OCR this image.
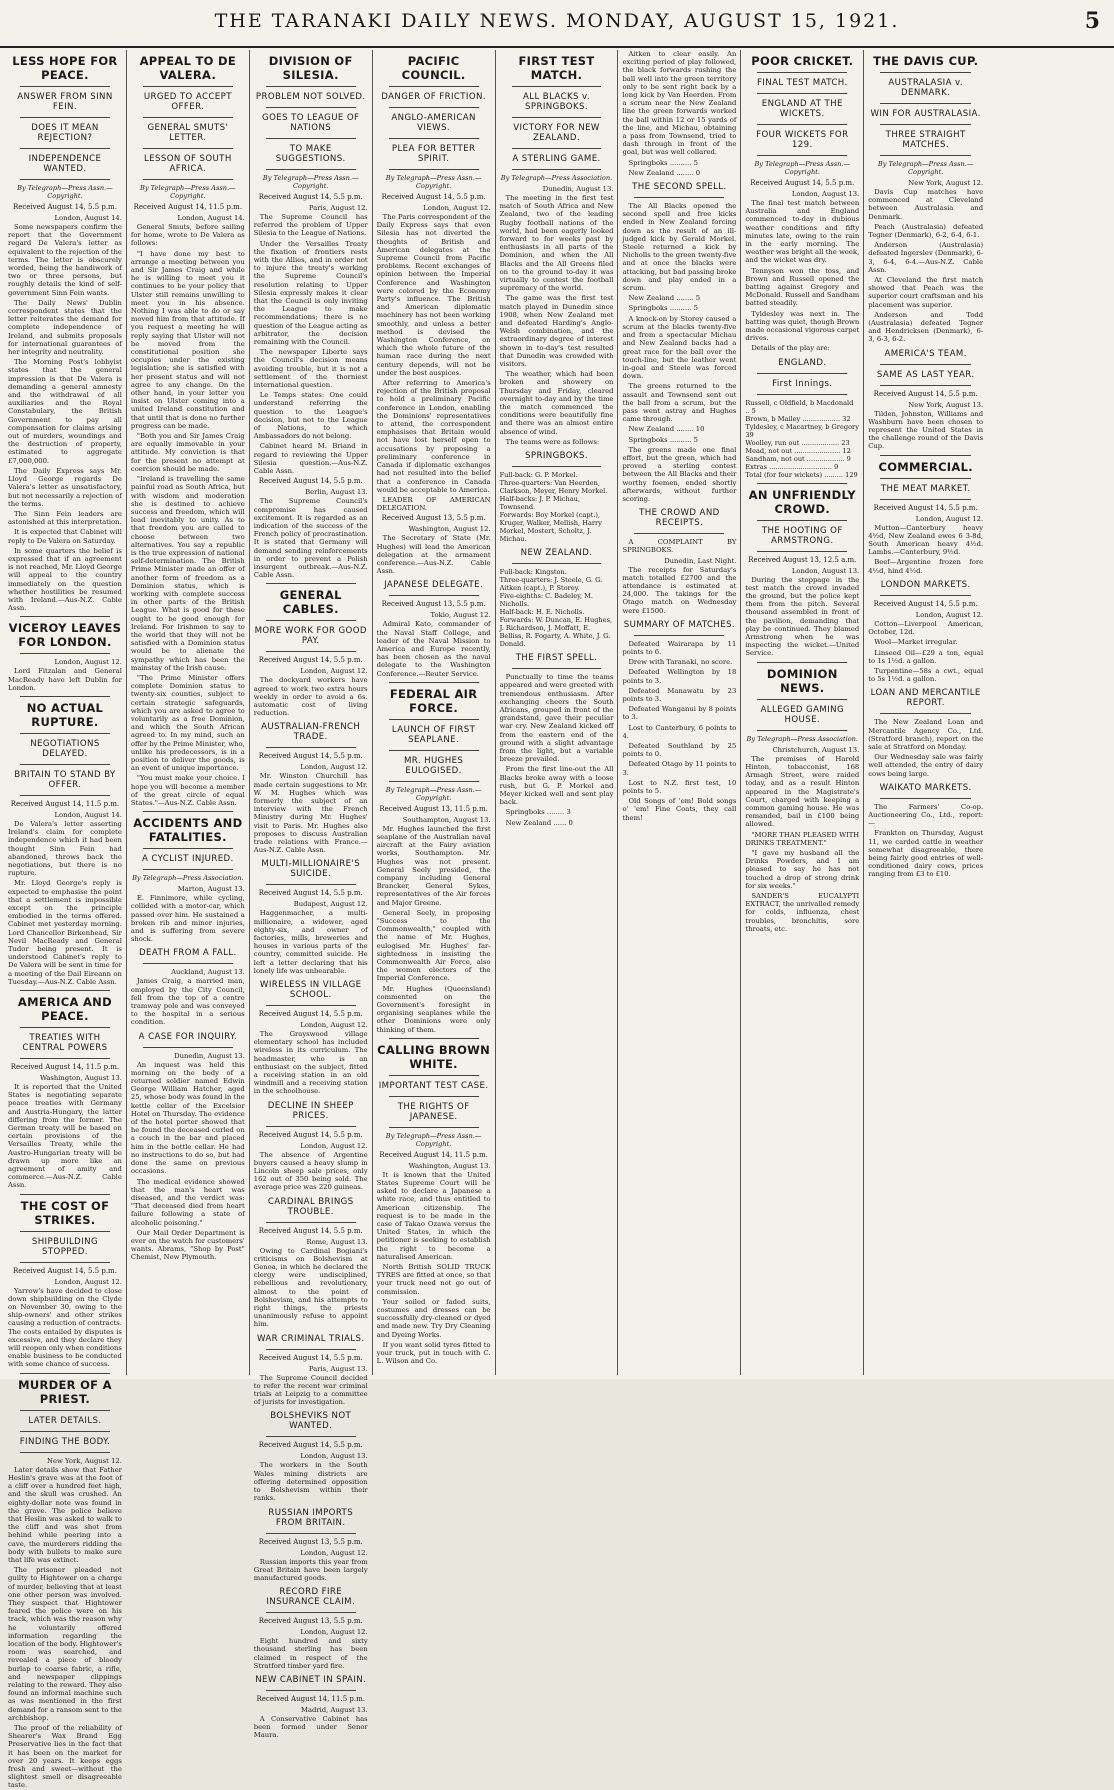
THE TARANAKI DAILY NEWS. MONDAY, AUGUST 15, 1921.	5
LESS HOPE FOR PEACE.
ANSWER FROM SINN FEIN.
DOES IT MEAN REJECTION?
INDEPENDENCE WANTED.
By Telegraph—Press Assn.—Copyright.
Received August 14, 5.5 p.m.
London, August 14.

Some newspapers confirm the report that the Government regard De Valera's letter as equivalent to the rejection of the terms. The letter is obscurely worded, being the handiwork of two or three persons, but roughly details the kind of self-government Sinn Fein wants.

The Daily News' Dublin correspondent states that the letter reiterates the demand for complete independence of Ireland, and submits proposals for international guarantees of her integrity and neutrality.

The Morning Post's lobbyist states that the general impression is that De Valera is demanding a general amnesty and the withdrawal of all auxiliaries and the Royal Constabulary, the British Government to pay all compensation for claims arising out of murders, woundings and the destruction of property, estimated to aggregate £7,000,000.

The Daily Express says Mr. Lloyd George regards De Valera's letter as unsatisfactory, but not necessarily a rejection of the terms.

The Sinn Fein leaders are astonished at this interpretation.

It is expected that Cabinet will reply to De Valera on Saturday.

In some quarters the belief is expressed that if an agreement is not reached, Mr. Lloyd George will appeal to the country immediately on the question whether hostilities be resumed with Ireland.—Aus-N.Z. Cable Assn.

VICEROY LEAVES FOR LONDON.
London, August 12.

Lord Fitzalan and General MacReady have left Dublin for London.

NO ACTUAL RUPTURE.
NEGOTIATIONS DELAYED.
BRITAIN TO STAND BY OFFER.
Received August 14, 11.5 p.m.
London, August 14.

De Valera's letter asserting Ireland's claim for complete independence which it had been thought Sinn Fein had abandoned, throws back the negotiations, but there is no rupture.

Mr. Lloyd George's reply is expected to emphasise the point that a settlement is impossible except on the principle embodied in the terms offered. Cabinet met yesterday morning. Lord Chancellor Birkenhead, Sir Nevil MacReady and General Tudor being present. It is understood Cabinet's reply to De Valera will be sent in time for a meeting of the Dail Eireann on Tuesday.—Aus-N.Z. Cable Assn.

AMERICA AND PEACE.
TREATIES WITH CENTRAL POWERS
Received August 14, 11.5 p.m.
Washington, August 13.

It is reported that the United States is negotiating separate peace treaties with Germany and Austria-Hungary, the latter differing from the former. The German treaty will be based on certain provisions of the Versailles Treaty, while the Austro-Hungarian treaty will be drawn up more like an agreement of amity and commerce.—Aus-N.Z. Cable Assn.

THE COST OF STRIKES.
SHIPBUILDING STOPPED.
Received August 14, 5.5 p.m.
London, August 12.

Yarrow's have decided to close down shipbuilding on the Clyde on November 30, owing to the ship-owners' and other strikes causing a reduction of contracts. The costs entailed by disputes is excessive, and they declare they will reopen only when conditions enable business to be conducted with some chance of success.

MURDER OF A PRIEST.
LATER DETAILS.
FINDING THE BODY.
New York, August 12.

Later details show that Father Heslin's grave was at the foot of a cliff over a hundred feet high, and the skull was crushed. An eighty-dollar note was found in the grave. The police believe that Heslin was asked to walk to the cliff and was shot from behind while peering into a cave, the murderers ridding the body with bullets to make sure that life was extinct.

The prisoner pleaded not guilty to Hightower on a charge of murder, believing that at least one other person was involved. They suspect that Hightower feared the police were on his track, which was the reason why he voluntarily offered information regarding the location of the body. Hightower's room was searched, and revealed a piece of bloody burlap to coarse fabric, a rifle, and newspaper clippings relating to the reward. They also found an informal machine such as was mentioned in the first demand for a ransom sent to the archbishop.

The proof of the reliability of Shearer's Wax Brand Egg Preservative lies in the fact that it has been on the market for over 20 years. It keeps eggs fresh and sweet—without the slightest smell or disagreeable taste.

APPEAL TO DE VALERA.
URGED TO ACCEPT OFFER.
GENERAL SMUTS' LETTER.
LESSON OF SOUTH AFRICA.
By Telegraph—Press Assn.—Copyright.
Received August 14, 11.5 p.m.
London, August 14.

General Smuts, before sailing for home, wrote to De Valera as follows:

"I have done my best to arrange a meeting between you and Sir James Craig and while he is willing to meet you it continues to be your policy that Ulster still remains unwilling to meet you in his absence. Nothing I was able to do or say moved him from that attitude. If you request a meeting he will reply saying that Ulster will not be moved from the constitutional position she occupies under the existing legislation; she is satisfied with her present status and will not agree to any change. On the other hand, in your letter you insist on Ulster coming into a united Ireland constitution and that until that is done no further progress can be made.

"Both you and Sir James Craig are equally immovable in your attitude. My conviction is that for the present no attempt at coercion should be made.

"Ireland is travelling the same painful road as South Africa, but with wisdom and moderation she is destined to achieve success and freedom, which will lead inevitably to unity. As to that freedom you are called to choose between two alternatives. You say a republic is the true expression of national self-determination. The British Prime Minister made an offer of another form of freedom as a Dominion status, which is working with complete success in other parts of the British League. What is good for these ought to be good enough for Ireland. For Irishmen to say to the world that they will not be satisfied with a Dominion status would be to alienate the sympathy which has been the mainstay of the Irish cause.

"The Prime Minister offers complete Dominion status to twenty-six counties, subject to certain strategic safeguards, which you are asked to agree to voluntarily as a free Dominion, and which the South African agreed to. In my mind, such an offer by the Prime Minister, who, unlike his predecessors, is in a position to deliver the goods, is an event of unique importance.

"You must make your choice. I hope you will become a member of the great circle of equal States."—Aus-N.Z. Cable Assn.

ACCIDENTS AND FATALITIES.
A CYCLIST INJURED.
By Telegraph—Press Association.
Marton, August 13.

E. Finnimore, while cycling, collided with a motor-car, which passed over him. He sustained a broken rib and minor injuries, and is suffering from severe shock.

DEATH FROM A FALL.
Auckland, August 13.

James Craig, a married man, employed by the City Council, fell from the top of a centre tramway pole and was conveyed to the hospital in a serious condition.

A CASE FOR INQUIRY.
Dunedin, August 13.

An inquest was held this morning on the body of a returned soldier named Edwin George William Hatcher, aged 25, whose body was found in the kettle cellar of the Excelsior Hotel on Thursday. The evidence of the hotel porter showed that he found the deceased curled on a couch in the bar and placed him in the bottle cellar. He had no instructions to do so, but had done the same on previous occasions.

The medical evidence showed that the man's heart was diseased, and the verdict was: "That deceased died from heart failure following a state of alcoholic poisoning."

Our Mail Order Department is ever on the watch for customers' wants. Abrams, "Shop by Post" Chemist, New Plymouth.

DIVISION OF SILESIA.
PROBLEM NOT SOLVED.
GOES TO LEAGUE OF NATIONS
TO MAKE SUGGESTIONS.
By Telegraph—Press Assn.—Copyright.
Received August 14, 5.5 p.m.
Paris, August 12.

The Supreme Council has referred the problem of Upper Silesia to the League of Nations.

Under the Versailles Treaty the fixation of frontiers rests with the Allies, and in order not to injure the treaty's working the Supreme Council's resolution relating to Upper Silesia expressly makes it clear that the Council is only inviting the League to make recommendations; there is no question of the League acting as arbitrator, the decision remaining with the Council.

The newspaper Liberte says the Council's decision means avoiding trouble, but it is not a settlement of the thorniest international question.

Le Temps states: One could understand referring the question to the League's decision, but not to the League of Nations, to which Ambassadors do not belong.

Cabinet heard M. Briand in regard to reviewing the Upper Silesia question.—Aus-N.Z. Cable Assn.

Received August 14, 5.5 p.m.
Berlin, August 13.

The Supreme Council's compromise has caused excitement. It is regarded as an indication of the success of the French policy of procrastination. It is stated that Germany will demand sending reinforcements in order to prevent a Polish insurgent outbreak.—Aus-N.Z. Cable Assn.

GENERAL CABLES.
MORE WORK FOR GOOD PAY.
Received August 14, 5.5 p.m.
London, August 12.

The dockyard workers have agreed to work two extra hours weekly in order to avoid a 6s. automatic cost of living reduction.

AUSTRALIAN-FRENCH TRADE.
Received August 14, 5.5 p.m.
London, August 12.

Mr. Winston Churchill has made certain suggestions to Mr. W. M. Hughes which was formerly the subject of an interview with the French Ministry during Mr. Hughes' visit to Paris. Mr. Hughes also proposes to discuss Australian trade relations with France.—Aus-N.Z. Cable Assn.

MULTI-MILLIONAIRE'S SUICIDE.
Received August 14, 5.5 p.m.
Budapest, August 12.

Haggenmacher, a multi-millionaire, a widower, aged eighty-six, and owner of factories, mills, breweries and houses in various parts of the country, committed suicide. He left a letter declaring that his lonely life was unbearable.

WIRELESS IN VILLAGE SCHOOL.
Received August 14, 5.5 p.m.
London, August 12.

The Grayswood village elementary school has included wireless in its curriculum. The headmaster, who is an enthusiast on the subject, fitted a receiving station in an old windmill and a receiving station in the schoolhouse.

DECLINE IN SHEEP PRICES.
Received August 14, 5.5 p.m.
London, August 12.

The absence of Argentine buyers caused a heavy slump in Lincoln sheep sale prices, only 162 out of 350 being sold. The average price was 220 guineas.

CARDINAL BRINGS TROUBLE.
Received August 14, 5.5 p.m.
Rome, August 13.

Owing to Cardinal Bogiani's criticisms on Bolshevism at Genoa, in which he declared the clergy were undisciplined, rebellious and revolutionary, almost to the point of Bolshevism, and his attempts to right things, the priests unanimously refuse to appoint him.

WAR CRIMINAL TRIALS.
Received August 14, 5.5 p.m.
Paris, August 13.

The Supreme Council decided to refer the recent war criminal trials at Leipzig to a committee of jurists for investigation.

BOLSHEVIKS NOT WANTED.
Received August 14, 5.5 p.m.
London, August 13.

The workers in the South Wales mining districts are offering determined opposition to Bolshevism within their ranks.

RUSSIAN IMPORTS FROM BRITAIN.
Received August 13, 5.5 p.m.
London, August 12.

Russian imports this year from Great Britain have been largely manufactured goods.

RECORD FIRE INSURANCE CLAIM.
Received August 13, 5.5 p.m.
London, August 12.

Eight hundred and sixty thousand sterling has been claimed in respect of the Stratford timber yard fire.

NEW CABINET IN SPAIN.
Received August 14, 11.5 p.m.
Madrid, August 13.

A Conservative Cabinet has been formed under Senor Maura.

PACIFIC COUNCIL.
DANGER OF FRICTION.
ANGLO-AMERICAN VIEWS.
PLEA FOR BETTER SPIRIT.
By Telegraph—Press Assn.—Copyright.
Received August 14, 5.5 p.m.
London, August 12.

The Paris correspondent of the Daily Express says that even Silesia has not diverted the thoughts of British and American delegates at the Supreme Council from Pacific problems. Recent exchanges of opinion between the Imperial Conference and Washington were colored by the Economy Party's influence. The British and American diplomatic machinery has not been working smoothly, and unless a better method is devised the Washington Conference, on which the whole future of the human race during the next century depends, will not be under the best auspices.

After referring to America's rejection of the British proposal to hold a preliminary Pacific conference in London, enabling the Dominions' representatives to attend, the correspondent emphasises that Britain would not have lost herself open to accusations by proposing a preliminary conference in Canada if diplomatic exchanges had not resulted into the belief that a conference in Canada would be acceptable to America.

LEADER OF AMERICAN DELEGATION.

Received August 13, 5.5 p.m.
Washington, August 12.

The Secretary of State (Mr. Hughes) will lead the American delegation at the armament conference.—Aus-N.Z. Cable Assn.

JAPANESE DELEGATE.
Received August 13, 5.5 p.m.
Tokio, August 12.

Admiral Kato, commander of the Naval Staff College, and leader of the Naval Mission to America and Europe recently, has been chosen as the naval delegate to the Washington Conference.—Reuter Service.

FEDERAL AIR FORCE.
LAUNCH OF FIRST SEAPLANE.
MR. HUGHES EULOGISED.
By Telegraph—Press Assn.—Copyright.
Received August 13, 11.5 p.m.
Southampton, August 13.

Mr. Hughes launched the first seaplane of the Australian naval aircraft at the Fairy aviation works, Southampton. Mr. Hughes was not present. General Seely presided, the company including General Brancker, General Sykes, representatives of the Air forces and Major Greene.

General Seely, in proposing "Success to the Commonwealth," coupled with the name of Mr. Hughes, eulogised Mr. Hughes' far-sightedness in insisting the Commonwealth Air Force, also the women electors of the Imperial Conference.

Mr. Hughes (Queensland) commented on the Government's foresight in organising seaplanes while the other Dominions were only thinking of them.

CALLING BROWN WHITE.
IMPORTANT TEST CASE.
THE RIGHTS OF JAPANESE.
By Telegraph—Press Assn.—Copyright.
Received August 14, 11.5 p.m.
Washington, August 13.

It is known that the United States Supreme Court will be asked to declare a Japanese a white race, and thus entitled to American citizenship. The request is to be made in the case of Takao Ozawa versus the United States, in which the petitioner is seeking to establish the right to become a naturalised American.

North British SOLID TRUCK TYRES are fitted at once, so that your truck need not go out of commission.

Your soiled or faded suits, costumes and dresses can be successfully dry-cleaned or dyed and made new. Try Dry Cleaning and Dyeing Works.

If you want solid tyres fitted to your truck, put in touch with C. L. Wilson and Co.

FIRST TEST MATCH.
ALL BLACKS v. SPRINGBOKS.
VICTORY FOR NEW ZEALAND.
A STERLING GAME.
By Telegraph—Press Association.
Dunedin, August 13.

The meeting in the first test match of South Africa and New Zealand, two of the leading Rugby football nations of the world, had been eagerly looked forward to for weeks past by enthusiasts in all parts of the Dominion, and when the All Blacks and the All Greens filed on to the ground to-day it was virtually to contest the football supremacy of the world.

The game was the first test match played in Dunedin since 1908, when New Zealand met and defeated Harding's Anglo-Welsh combination, and the extraordinary degree of interest shown in to-day's test resulted that Dunedin was crowded with visitors.

The weather, which had been broken and showery on Thursday and Friday, cleared overnight to-day and by the time the match commenced the conditions were beautifully fine and there was an almost entire absence of wind.

The teams were as follows:

SPRINGBOKS.
Full-back: G. P. Morkel.
Three-quarters: Van Heerden, Clarkson, Meyer, Henry Morkel.
Half-backs: J. P. Michau, Townsend.
Forwards: Boy Morkel (capt.), Kruger, Walker, Mellish, Harry Morkel, Mostert, Scholtz, J. Michau.
NEW ZEALAND.
Full-back: Kingston.
Three-quarters: J. Steele, G. G. Aitken (capt.), P. Storey.
Five-eighths: C. Badeley, M. Nicholls.
Half-back: H. E. Nicholls.
Forwards: W. Duncan, E. Hughes, J. Richardson, J. Moffatt, E. Belliss, R. Fogarty, A. White, J. G. Donald.
THE FIRST SPELL.

Punctually to time the teams appeared and were greeted with tremendous enthusiasm. After exchanging cheers the South Africans, grouped in front of the grandstand, gave their peculiar war cry. New Zealand kicked off from the eastern end of the ground with a slight advantage from the light, but a variable breeze prevailed.

From the first line-out the All Blacks broke away with a loose rush, but G. P. Morkel and Meyer kicked well and sent play back.

Springboks ........ 3

New Zealand ...... 0

Aitken to clear easily. An exciting period of play followed, the black forwards rushing the ball well into the green territory only to be sent right back by a long kick by Van Heerden. From a scrum near the New Zealand line the green forwards worked the ball within 12 or 15 yards of the line, and Michau, obtaining a pass from Townsend, tried to dash through in front of the goal, but was well collared.

Springboks .......... 5

New Zealand ........ 0

THE SECOND SPELL.

The All Blacks opened the second spell and free kicks ended in New Zealand forcing down as the result of an ill-judged kick by Gerald Morkel. Steele returned a kick by Nicholls to the green twenty-five and at once the blacks were attacking, but bad passing broke down and play ended in a scrum.

New Zealand ........ 5

Springboks .......... 5

A knock-on by Storey caused a scrum at the blacks twenty-five and from a spectacular Michau and New Zealand backs had a great race for the ball over the touch-line, but the leather went in-goal and Steele was forced down.

The greens returned to the assault and Townsend sent out the ball from a scrum, but the pass went astray and Hughes came through.

New Zealand ........ 10

Springboks .......... 5

The greens made one final effort, but the green, which had proved a sterling contest between the All Blacks and their worthy foemen, ended shortly afterwards, without further scoring.

THE CROWD AND RECEIPTS.

A COMPLAINT BY SPRINGBOKS.

Dunedin, Last Night.

The receipts for Saturday's match totalled £2700 and the attendance is estimated at 24,000. The takings for the Otago match on Wednesday were £1500.

SUMMARY OF MATCHES.

Defeated Wairarapa by 11 points to 6.

Drew with Taranaki, no score.

Defeated Wellington by 18 points to 3.

Defeated Manawatu by 23 points to 3.

Defeated Wanganui by 8 points to 3.

Lost to Canterbury, 6 points to 4.

Defeated Southland by 25 points to 0.

Defeated Otago by 11 points to 3.

Lost to N.Z. first test, 10 points to 5.

Old Songs of 'em! Bold songs o' 'em! Fine Coats, they call them!

POOR CRICKET.
FINAL TEST MATCH.
ENGLAND AT THE WICKETS.
FOUR WICKETS FOR 129.
By Telegraph—Press Assn.—Copyright.
Received August 14, 5.5 p.m.
London, August 13.

The final test match between Australia and England commenced to-day in dubious weather conditions and fifty minutes late, owing to the rain in the early morning. The weather was bright all the week, and the wicket was dry.

Tennyson won the toss, and Brown and Russell opened the batting against Gregory and McDonald. Russell and Sandham batted steadily.

Tyldesley was next in. The batting was quiet, though Brown made occasional vigorous carpet drives.

Details of the play are:

ENGLAND.
First Innings.
Russell, c Oldfield, b Macdonald .. 5
Brown, b Mailey .................. 32
Tyldesley, c Macartney, b Gregory 39
Woolley, run out .................. 23
Mead, not out ...................... 12
Sandham, not out .................. 9
Extras .............................. 9
Total (for four wickets) ......... 129
AN UNFRIENDLY CROWD.
THE HOOTING OF ARMSTRONG.
Received August 13, 12.5 a.m.
London, August 13.

During the stoppage in the test match the crowd invaded the ground, but the police kept them from the pitch. Several thousand assembled in front of the pavilion, demanding that play be continued. They blamed Armstrong when he was inspecting the wicket.—United Service.

DOMINION NEWS.
ALLEGED GAMING HOUSE.
By Telegraph—Press Association.
Christchurch, August 13.

The premises of Harold Hinton, tobacconist, 168 Armagh Street, were raided today, and as a result Hinton appeared in the Magistrate's Court, charged with keeping a common gaming house. He was remanded, bail in £100 being allowed.

"MORE THAN PLEASED WITH DRINKS TREATMENT."

"I gave my husband all the Drinks Powders, and I am pleased to say he has not touched a drop of strong drink for six weeks."

SANDER'S EUCALYPTI EXTRACT, the unrivalled remedy for colds, influenza, chest troubles, bronchitis, sore throats, etc.

THE DAVIS CUP.
AUSTRALASIA v. DENMARK.
WIN FOR AUSTRALASIA.
THREE STRAIGHT MATCHES.
By Telegraph—Press Assn.—Copyright.
New York, August 12.

Davis Cup matches have commenced at Cleveland between Australasia and Denmark.

Peach (Australasia) defeated Tegner (Denmark), 6-2, 6-4, 6-1.

Anderson (Australasia) defeated Ingerslev (Denmark), 6-3, 6-4, 6-4.—Aus-N.Z. Cable Assn.

At Cleveland the first match showed that Peach was the superior court craftsman and his placement was superior.

Anderson and Todd (Australasia) defeated Tegner and Hendricksen (Denmark), 6-3, 6-3, 6-2.

AMERICA'S TEAM.
SAME AS LAST YEAR.
Received August 14, 5.5 p.m.
New York, August 13.

Tilden, Johnston, Williams and Washburn have been chosen to represent the United States in the challenge round of the Davis Cup.

COMMERCIAL.
THE MEAT MARKET.
Received August 14, 5.5 p.m.
London, August 12.

Mutton—Canterbury heavy 4½d, New Zealand ewes 6 3-8d, South American heavy 4½d. Lambs.—Canterbury, 9½d.

Beef—Argentine frozen fore 4½d, hind 4½d.

LONDON MARKETS.
Received August 14, 5.5 p.m.
London, August 12.

Cotton—Liverpool American, October, 12d.

Wool—Market irregular.

Linseed Oil—£29 a ton, equal to 1s 1½d. a gallon.

Turpentine—58s a cwt., equal to 5s 1½d. a gallon.

LOAN AND MERCANTILE REPORT.

The New Zealand Loan and Mercantile Agency Co., Ltd. (Stratford branch), report on the sale at Stratford on Monday.

Our Wednesday sale was fairly well attended, the entry of dairy cows being large.

WAIKATO MARKETS.

The Farmers' Co-op. Auctioneering Co., Ltd., report:—

Frankton on Thursday, August 11, we carded cattle in weather somewhat disagreeable, there being fairly good entries of well-conditioned dairy cows, prices ranging from £3 to £10.
